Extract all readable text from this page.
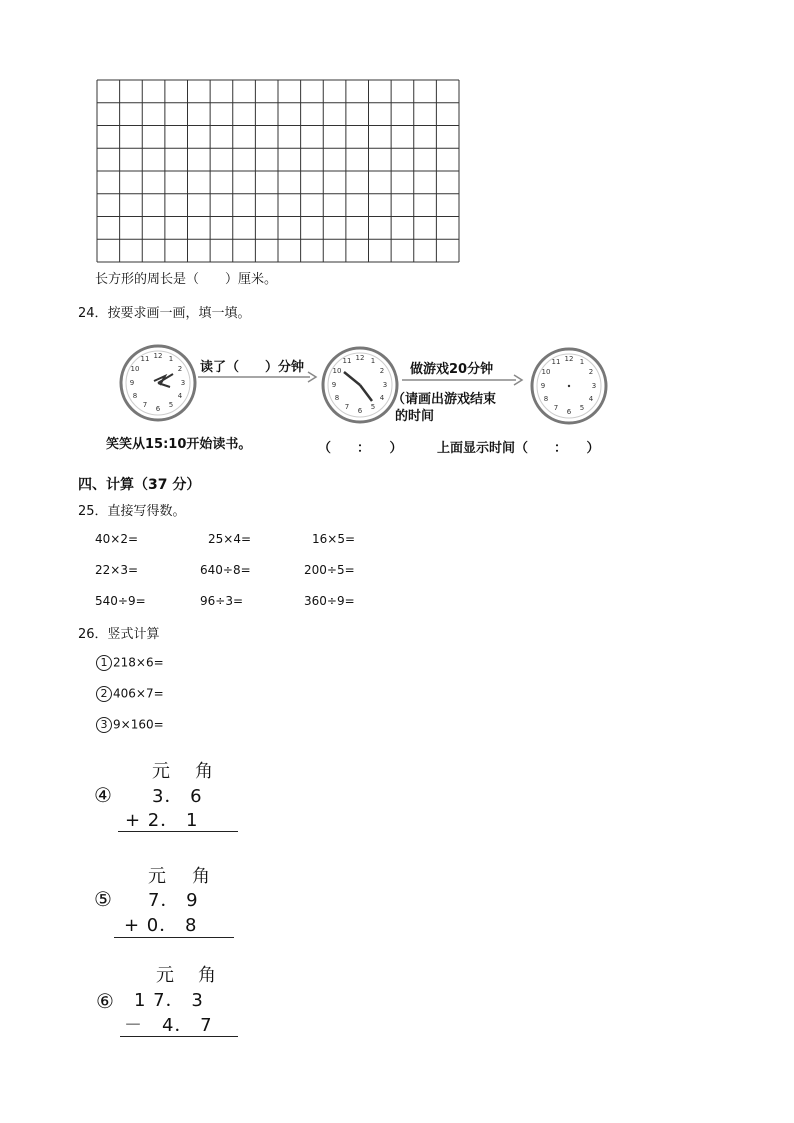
长方形的周长是（　　）厘米。
24．按要求画一画，填一填。
12 1
2
3
4
5
6
7
8
9
10
11
读了（　　）分钟
12 1
2
3
4
5
6
7
8
9
10
11
做游戏20分钟
（请画出游戏结束
的时间
12 1
2
3
4
5
6
7
8
9
10
11
笑笑从15:10开始读书。	（　　：　　）	上面显示时间（　　：　　）
四、计算（37 分）
25．直接写得数。
40×2=	25×4=	16×5=
22×3=	640÷8=	200÷5=
540÷9=	96÷3=	360÷9=
26．竖式计算
1 218×6=
2 406×7=
3 9×160=
元 角
④ 3． 6
+ 2． 1
元 角
⑤ 7． 9
+ 0． 8
元 角
⑥ 1 7． 3
－　4． 7
